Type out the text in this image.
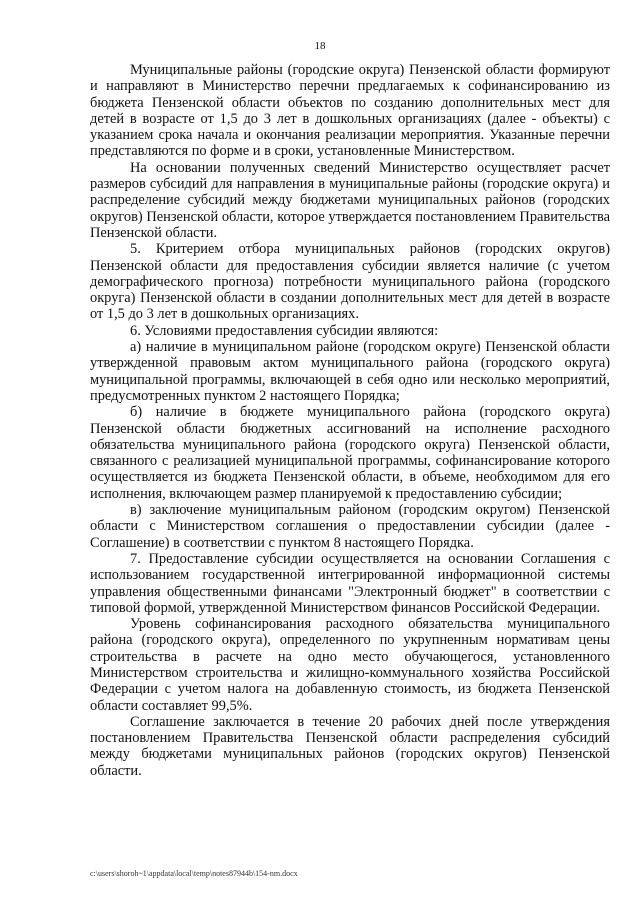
18

Муниципальные районы (городские округа) Пензенской области формируют и направляют в Министерство перечни предлагаемых к софинансированию из бюджета Пензенской области объектов по созданию дополнительных мест для детей в возрасте от 1,5 до 3 лет в дошкольных организациях (далее - объекты) с указанием срока начала и окончания реализации мероприятия. Указанные перечни представляются по форме и в сроки, установленные Министерством.

На основании полученных сведений Министерство осуществляет расчет размеров субсидий для направления в муниципальные районы (городские округа) и распределение субсидий между бюджетами муниципальных районов (городских округов) Пензенской области, которое утверждается постановлением Правительства Пензенской области.

5. Критерием отбора муниципальных районов (городских округов) Пензенской области для предоставления субсидии является наличие (с учетом демографического прогноза) потребности муниципального района (городского округа) Пензенской области в создании дополнительных мест для детей в возрасте от 1,5 до 3 лет в дошкольных организациях.

6. Условиями предоставления субсидии являются:

а) наличие в муниципальном районе (городском округе) Пензенской области утвержденной правовым актом муниципального района (городского округа) муниципальной программы, включающей в себя одно или несколько мероприятий, предусмотренных пунктом 2 настоящего Порядка;

б) наличие в бюджете муниципального района (городского округа) Пензенской области бюджетных ассигнований на исполнение расходного обязательства муниципального района (городского округа) Пензенской области, связанного с реализацией муниципальной программы, софинансирование которого осуществляется из бюджета Пензенской области, в объеме, необходимом для его исполнения, включающем размер планируемой к предоставлению субсидии;

в) заключение муниципальным районом (городским округом) Пензенской области с Министерством соглашения о предоставлении субсидии (далее - Соглашение) в соответствии с пунктом 8 настоящего Порядка.

7. Предоставление субсидии осуществляется на основании Соглашения с использованием государственной интегрированной информационной системы управления общественными финансами "Электронный бюджет" в соответствии с типовой формой, утвержденной Министерством финансов Российской Федерации.

Уровень софинансирования расходного обязательства муниципального района (городского округа), определенного по укрупненным нормативам цены строительства в расчете на одно место обучающегося, установленного Министерством строительства и жилищно-коммунального хозяйства Российской Федерации с учетом налога на добавленную стоимость, из бюджета Пензенской области составляет 99,5%.

Соглашение заключается в течение 20 рабочих дней после утверждения постановлением Правительства Пензенской области распределения субсидий между бюджетами муниципальных районов (городских округов) Пензенской области.

c:\users\shoroh~1\appdata\local\temp\notes87944b\154-nm.docx
